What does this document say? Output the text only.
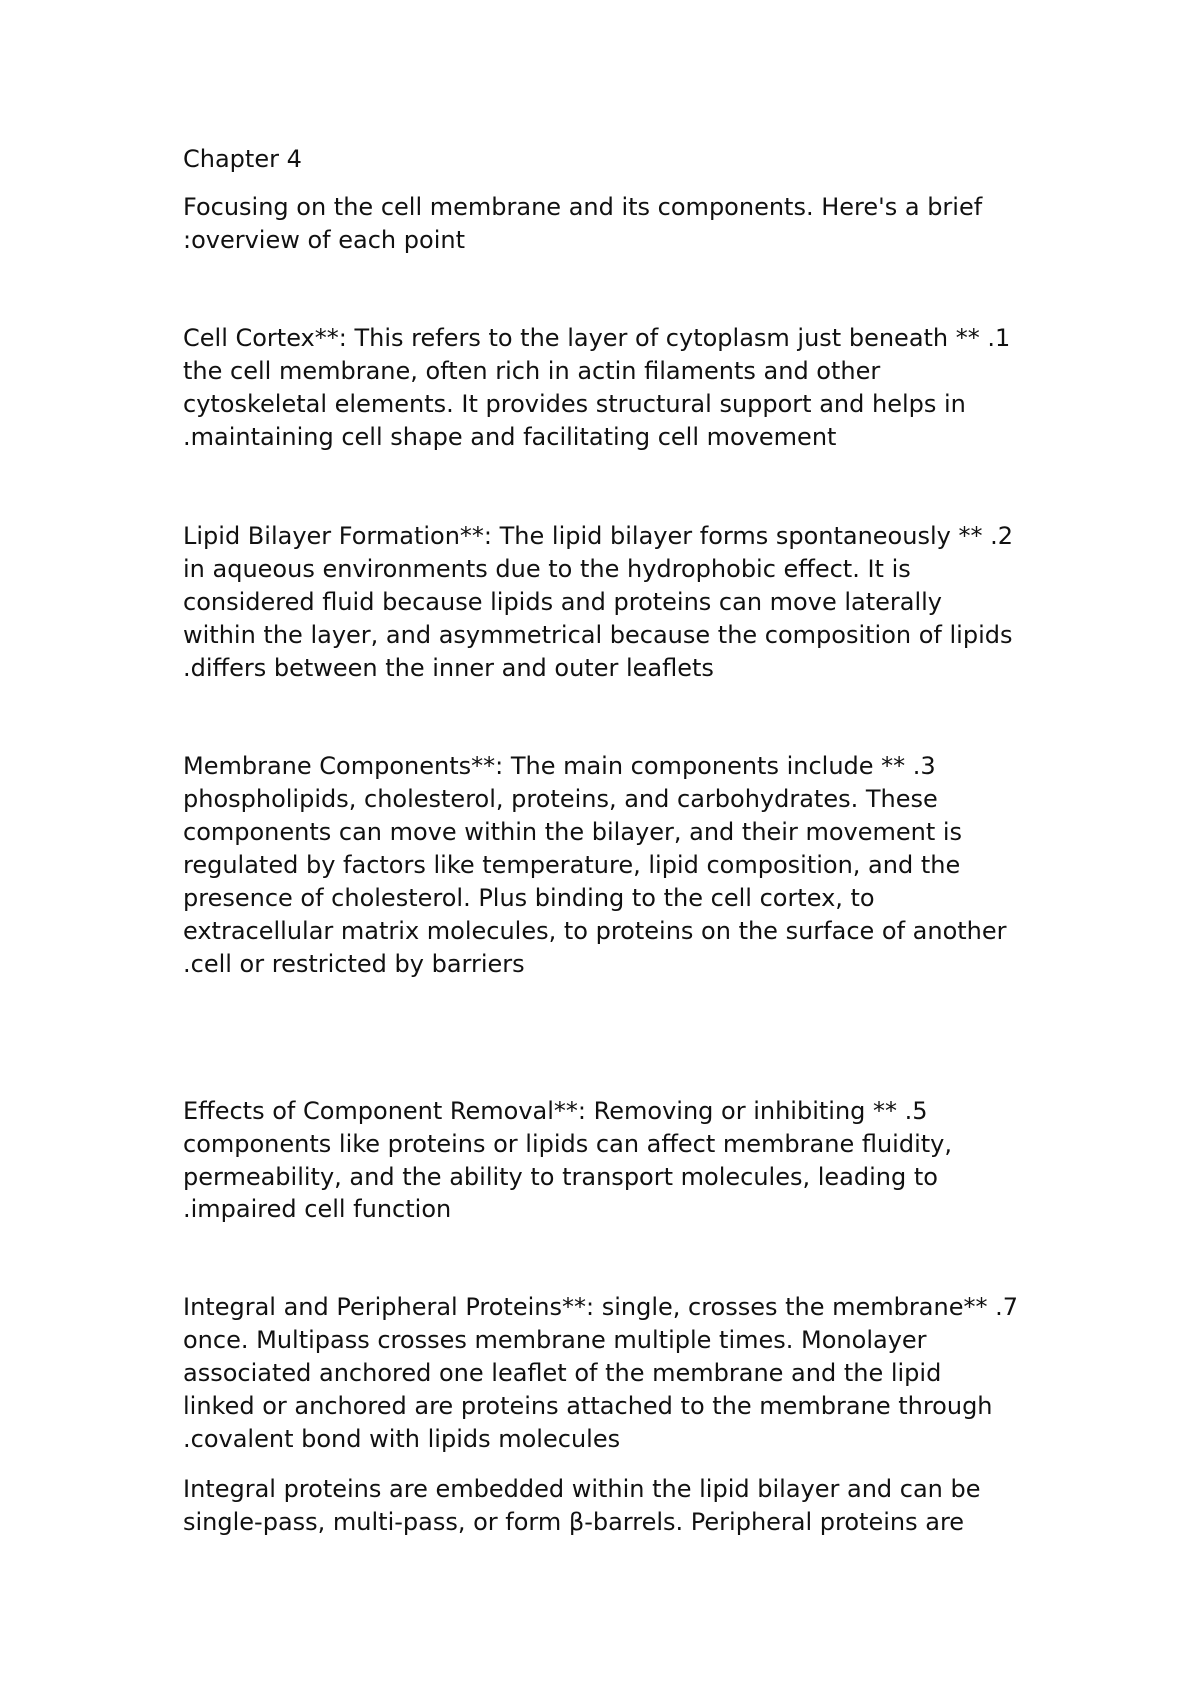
Chapter 4

Focusing on the cell membrane and its components. Here's a brief

:overview of each point

Cell Cortex**: This refers to the layer of cytoplasm just beneath ** .1

the cell membrane, often rich in actin filaments and other

cytoskeletal elements. It provides structural support and helps in

.maintaining cell shape and facilitating cell movement

Lipid Bilayer Formation**: The lipid bilayer forms spontaneously ** .2

in aqueous environments due to the hydrophobic effect. It is

considered fluid because lipids and proteins can move laterally

within the layer, and asymmetrical because the composition of lipids

.differs between the inner and outer leaflets

Membrane Components**: The main components include ** .3

phospholipids, cholesterol, proteins, and carbohydrates. These

components can move within the bilayer, and their movement is

regulated by factors like temperature, lipid composition, and the

presence of cholesterol. Plus binding to the cell cortex, to

extracellular matrix molecules, to proteins on the surface of another

.cell or restricted by barriers

Effects of Component Removal**: Removing or inhibiting ** .5

components like proteins or lipids can affect membrane fluidity,

permeability, and the ability to transport molecules, leading to

.impaired cell function

Integral and Peripheral Proteins**: single, crosses the membrane** .7

once. Multipass crosses membrane multiple times. Monolayer

associated anchored one leaflet of the membrane and the lipid

linked or anchored are proteins attached to the membrane through

.covalent bond with lipids molecules

Integral proteins are embedded within the lipid bilayer and can be

single-pass, multi-pass, or form β-barrels. Peripheral proteins are
